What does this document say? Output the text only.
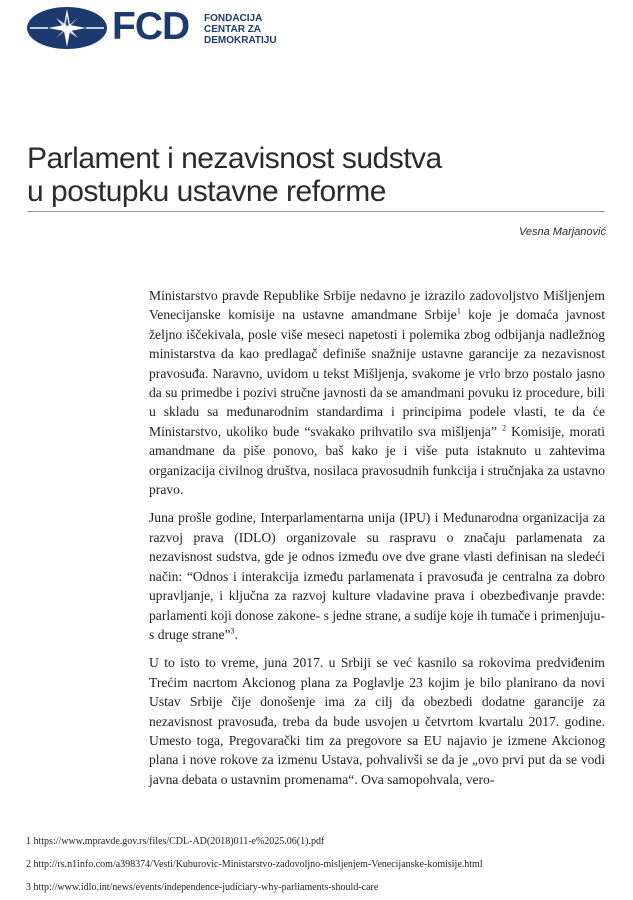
FCD FONDACIJA
CENTAR ZA
DEMOKRATIJU
Parlament i nezavisnost sudstva
u postupku ustavne reforme
Vesna Marjanović

Ministarstvo pravde Republike Srbije nedavno je izrazilo zadovoljstvo Mišljenjem Venecijanske komisije na ustavne amandmane Srbije$^1$ koje je domaća javnost željno iščekivala, posle više meseci napetosti i polemika zbog odbijanja nadležnog ministarstva da kao predlagač definiše snažnije ustavne garancije za nezavisnost pravosuđa. Naravno, uvidom u tekst Mišljenja, svakome je vrlo brzo postalo jasno da su primedbe i pozivi stručne javnosti da se amandmani povuku iz procedure, bili u skladu sa međunarodnim standardima i principima podele vlasti, te da će Ministarstvo, ukoliko bude “svakako prihvatilo sva mišljenja” $^2$ Komisije, morati amandmane da piše ponovo, baš kako je i više puta istaknuto u zahtevima organizacija civilnog društva, nosilaca pravosudnih funkcija i stručnjaka za ustavno pravo.

Juna prošle godine, Interparlamentarna unija (IPU) i Međunarodna organizacija za razvoj prava (IDLO) organizovale su raspravu o značaju parlamenata za nezavisnost sudstva, gde je odnos između ove dve grane vlasti definisan na sledeći način: “Odnos i interakcija između parlamenata i pravosuđa je centralna za dobro upravljanje, i ključna za razvoj kulture vladavine prava i obezbeđivanje pravde: parlamenti koji donose zakone- s jedne strane, a sudije koje ih tumače i primenjuju- s druge strane”$^3$.

U to isto to vreme, juna 2017. u Srbiji se već kasnilo sa rokovima predviđenim Trećim nacrtom Akcionog plana za Poglavlje 23 kojim je bilo planirano da novi Ustav Srbije čije donošenje ima za cilj da obezbedi dodatne garancije za nezavisnost pravosuđa, treba da bude usvojen u četvrtom kvartalu 2017. godine. Umesto toga, Pregovarački tim za pregovore sa EU najavio je izmene Akcionog plana i nove rokove za izmenu Ustava, pohvalivši se da je „ovo prvi put da se vodi javna debata o ustavnim promenama“. Ova samopohvala, vero-

1 https://www.mpravde.gov.rs/files/CDL-AD(2018)011-e%2025.06(1).pdf
2 http://rs.n1info.com/a398374/Vesti/Kuburovic-Ministarstvo-zadovoljno-misljenjem-Venecijanske-komisije.html
3 http://www.idlo.int/news/events/independence-judiciary-why-parliaments-should-care
